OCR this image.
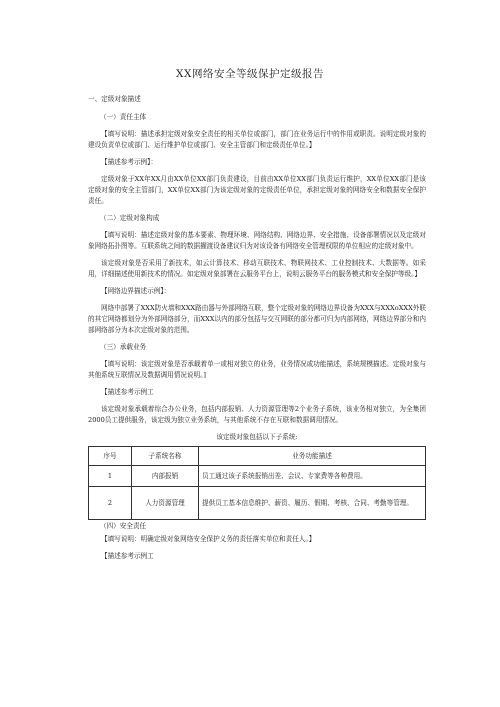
XX网络安全等级保护定级报告
一、定级对象描述
（一）责任主体
【填写说明：描述承担定级对象安全责任的相关单位或部门，部门在业务运行中的作用或职责。说明定级对象的建设负责单位或部门、运行维护单位或部门、安全主管部门和定级责任单位。】
【描述参考示例】：
定级对象于XX年XX月由XX单位XX部门负责建设，目前由XX单位XX部门负责运行维护，XX单位XX部门是该定级对象的安全主管部门，XX单位XX部门为该定级对象的定级责任单位，承担定级对象的网络安全和数据安全保护责任。
（二）定级对象构成
【填写说明：描述定级对象的基本要素、物理环境、网络结构、网络边界、安全措施、设备部署情况以及定级对象网络拓扑图等。互联系统之间的数据擢渡设备建议归为对该设备有网络安全管理权限的单位相应的定级对象中。
该定级对象是否采用了新技术，如云计算技术、移动互联技术、物联网技术、工业控制技术、大数据等。如采用，详细描述使用新技术的情况。如定级对象部署在云服务平台上，说明云服务平台的服务模式和安全保护等级。】
【网络边界描述示例】：
网络中部署了XXX防火墙和XXX路由器与外部网络互联，整个定级对象的网络边界设备为XXX与XXXoXXX外联的其它网络都划分为外部网络部分，而XXX以内的部分包括与交互网联的部分都可归为内部网络，网络边界部分和内部网络部分为本次定级对象的范围。
（三）承载业务
【填写说明：该定级对象是否承载着单一或相对独立的业务，业务情况或功能描述，系统规模描述。定级对象与其他系统互联情况及数据调用情况说明。]
【描述参考示例工
该定级对象承载着综合办公业务，包括内部报销、人力资源管理等2个业务子系统，该业务相对独立，为全集团2000员工提供服务，该定级为独立业务系统，与其他系统不存在互联和数据调用情况。
该定级对象包括以下子系统:
序号	子系统名称	业务功能描述
1	内部报销	员工通过该子系统报销出差、会议、专家费等各种费用。
2	人力资源管理	提供员工基本信息维护、薪资、履历、假期、考核、合同、考勤等管理。
（四）安全责任
【填写说明：明确定级对象网络安全保护义务的责任落实单位和责任人。】
【描述参考示例工
